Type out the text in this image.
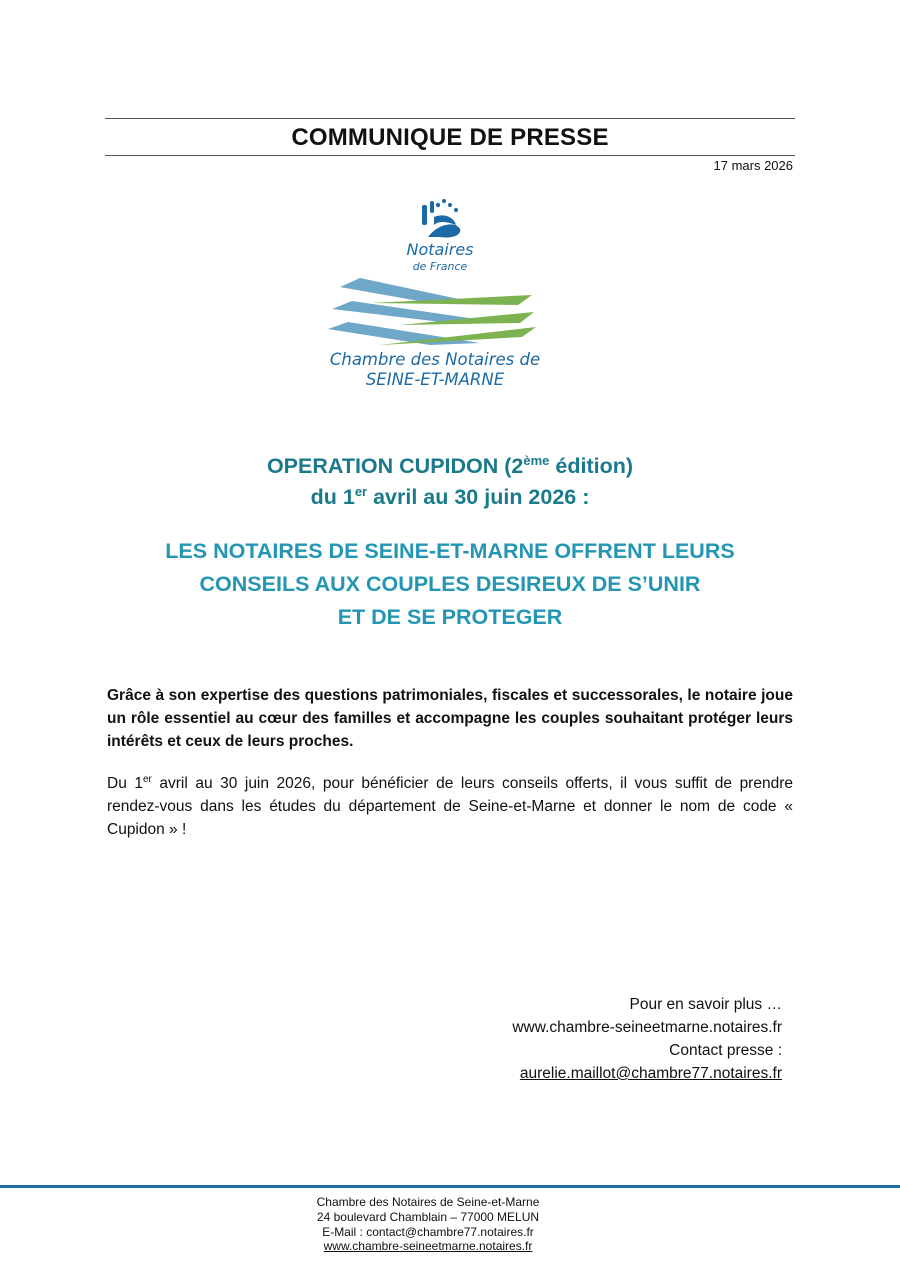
COMMUNIQUE DE PRESSE
17 mars 2026
Notaires
de France
Chambre des Notaires de
SEINE-ET-MARNE
OPERATION CUPIDON (2ème édition)
du 1er avril au 30 juin 2026 :
LES NOTAIRES DE SEINE-ET-MARNE OFFRENT LEURS
CONSEILS AUX COUPLES DESIREUX DE S’UNIR
ET DE SE PROTEGER
Grâce à son expertise des questions patrimoniales, fiscales et successorales, le notaire joue un rôle essentiel au cœur des familles et accompagne les couples souhaitant protéger leurs intérêts et ceux de leurs proches.
Du 1er avril au 30 juin 2026, pour bénéficier de leurs conseils offerts, il vous suffit de prendre rendez-vous dans les études du département de Seine-et-Marne et donner le nom de code « Cupidon » !
Pour en savoir plus …
www.chambre-seineetmarne.notaires.fr
Contact presse :
aurelie.maillot@chambre77.notaires.fr
Chambre des Notaires de Seine-et-Marne
24 boulevard Chamblain – 77000 MELUN
E-Mail : contact@chambre77.notaires.fr
www.chambre-seineetmarne.notaires.fr
